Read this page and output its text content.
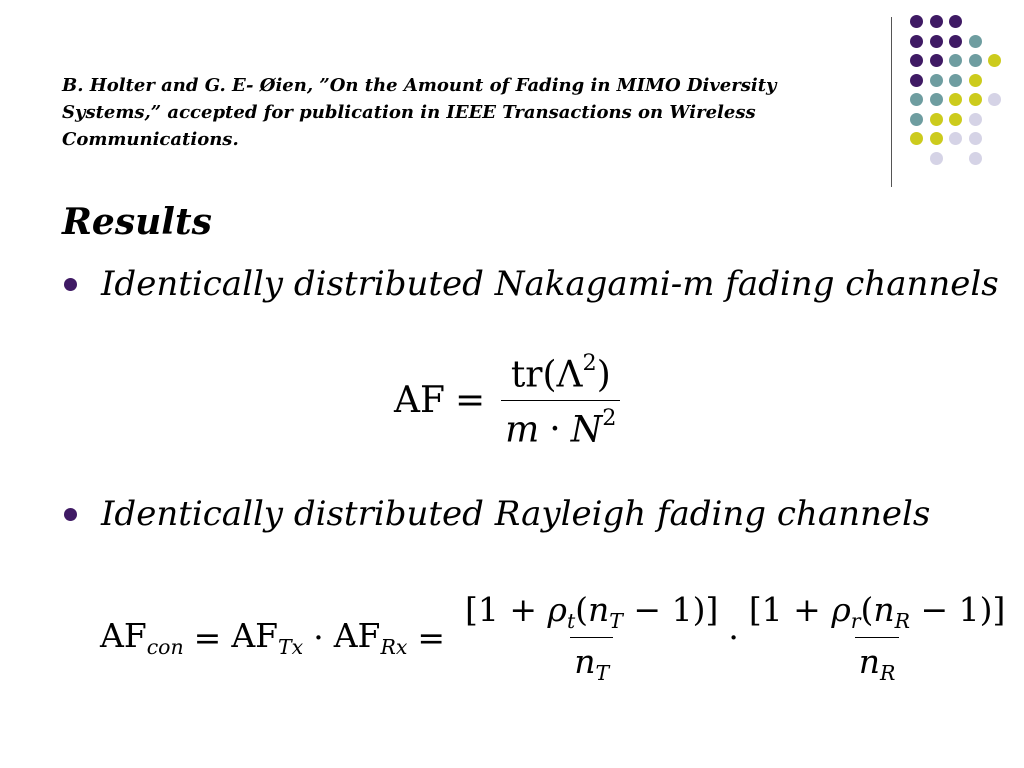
B. Holter and G. E- Øien, ”On the Amount of Fading in MIMO Diversity Systems,” accepted for publication in IEEE Transactions on Wireless Communications.
Results
Identically distributed Nakagami-m fading channels
AF = $\frac{tr(\Lambda^2)}{m \cdot N^2}$
Identically distributed Rayleigh fading channels
$AF_{con} = AF_{Tx} \cdot AF_{Rx} = \frac{[1 + \rho_t(n_T - 1)]}{n_T} \cdot \frac{[1 + \rho_r(n_R - 1)]}{n_R}$
